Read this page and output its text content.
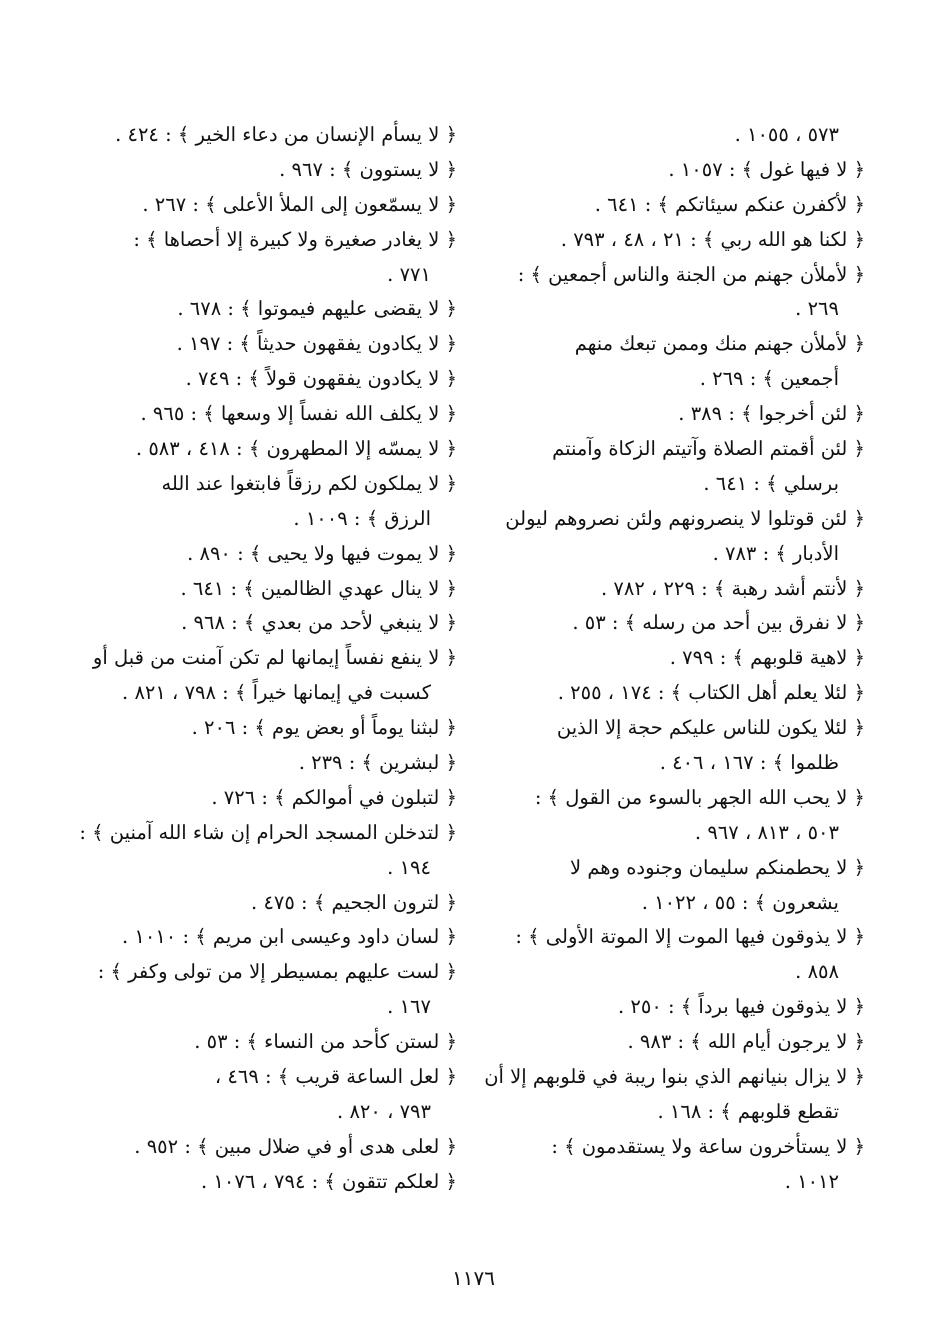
٥٧٣ ، ١٠٥٥ .
﴿ لا فيها غول ﴾ : ١٠٥٧ .
﴿ لأكفرن عنكم سيئاتكم ﴾ : ٦٤١ .
﴿ لكنا هو الله ربي ﴾ : ٢١ ، ٤٨ ، ٧٩٣ .
﴿ لأملأن جهنم من الجنة والناس أجمعين ﴾ :
٢٦٩ .
﴿ لأملأن جهنم منك وممن تبعك منهم
أجمعين ﴾ : ٢٦٩ .
﴿ لئن أخرجوا ﴾ : ٣٨٩ .
﴿ لئن أقمتم الصلاة وآتيتم الزكاة وآمنتم
برسلي ﴾ : ٦٤١ .
﴿ لئن قوتلوا لا ينصرونهم ولئن نصروهم ليولن
الأدبار ﴾ : ٧٨٣ .
﴿ لأنتم أشد رهبة ﴾ : ٢٢٩ ، ٧٨٢ .
﴿ لا نفرق بين أحد من رسله ﴾ : ٥٣ .
﴿ لاهية قلوبهم ﴾ : ٧٩٩ .
﴿ لئلا يعلم أهل الكتاب ﴾ : ١٧٤ ، ٢٥٥ .
﴿ لئلا يكون للناس عليكم حجة إلا الذين
ظلموا ﴾ : ١٦٧ ، ٤٠٦ .
﴿ لا يحب الله الجهر بالسوء من القول ﴾ :
٥٠٣ ، ٨١٣ ، ٩٦٧ .
﴿ لا يحطمنكم سليمان وجنوده وهم لا
يشعرون ﴾ : ٥٥ ، ١٠٢٢ .
﴿ لا يذوقون فيها الموت إلا الموتة الأولى ﴾ :
٨٥٨ .
﴿ لا يذوقون فيها برداً ﴾ : ٢٥٠ .
﴿ لا يرجون أيام الله ﴾ : ٩٨٣ .
﴿ لا يزال بنيانهم الذي بنوا ريبة في قلوبهم إلا أن
تقطع قلوبهم ﴾ : ١٦٨ .
﴿ لا يستأخرون ساعة ولا يستقدمون ﴾ :
١٠١٢ .
﴿ لا يسأم الإنسان من دعاء الخير ﴾ : ٤٢٤ .
﴿ لا يستوون ﴾ : ٩٦٧ .
﴿ لا يسمّعون إلى الملأ الأعلى ﴾ : ٢٦٧ .
﴿ لا يغادر صغيرة ولا كبيرة إلا أحصاها ﴾ :
٧٧١ .
﴿ لا يقضى عليهم فيموتوا ﴾ : ٦٧٨ .
﴿ لا يكادون يفقهون حديثاً ﴾ : ١٩٧ .
﴿ لا يكادون يفقهون قولاً ﴾ : ٧٤٩ .
﴿ لا يكلف الله نفساً إلا وسعها ﴾ : ٩٦٥ .
﴿ لا يمسّه إلا المطهرون ﴾ : ٤١٨ ، ٥٨٣ .
﴿ لا يملكون لكم رزقاً فابتغوا عند الله
الرزق ﴾ : ١٠٠٩ .
﴿ لا يموت فيها ولا يحيى ﴾ : ٨٩٠ .
﴿ لا ينال عهدي الظالمين ﴾ : ٦٤١ .
﴿ لا ينبغي لأحد من بعدي ﴾ : ٩٦٨ .
﴿ لا ينفع نفساً إيمانها لم تكن آمنت من قبل أو
كسبت في إيمانها خيراً ﴾ : ٧٩٨ ، ٨٢١ .
﴿ لبثنا يوماً أو بعض يوم ﴾ : ٢٠٦ .
﴿ لبشرين ﴾ : ٢٣٩ .
﴿ لتبلون في أموالكم ﴾ : ٧٢٦ .
﴿ لتدخلن المسجد الحرام إن شاء الله آمنين ﴾ :
١٩٤ .
﴿ لترون الجحيم ﴾ : ٤٧٥ .
﴿ لسان داود وعيسى ابن مريم ﴾ : ١٠١٠ .
﴿ لست عليهم بمسيطر إلا من تولى وكفر ﴾ :
١٦٧ .
﴿ لستن كأحد من النساء ﴾ : ٥٣ .
﴿ لعل الساعة قريب ﴾ : ٤٦٩ ،
٧٩٣ ، ٨٢٠ .
﴿ لعلى هدى أو في ضلال مبين ﴾ : ٩٥٢ .
﴿ لعلكم تتقون ﴾ : ٧٩٤ ، ١٠٧٦ .
١١٧٦
